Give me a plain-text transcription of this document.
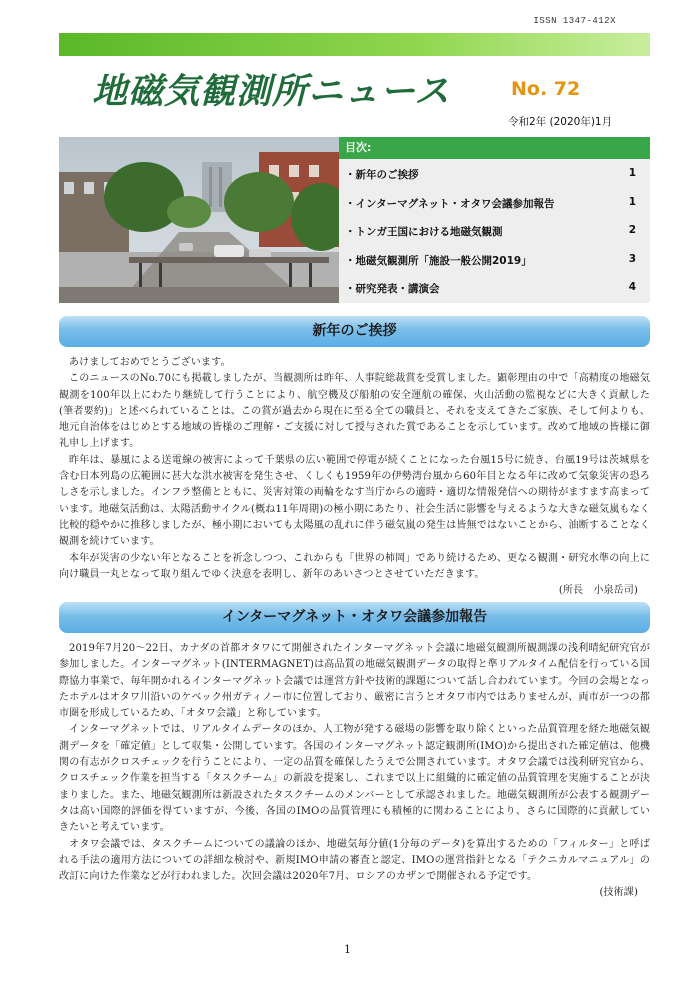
ISSN 1347-412X
地磁気観測所ニュース	No. 72
令和2年 (2020年)1月
目次:
・新年のご挨拶	1
・インターマグネット・オタワ会議参加報告	1
・トンガ王国における地磁気観測	2
・地磁気観測所「施設一般公開2019」	3
・研究発表・講演会	4
新年のご挨拶

あけましておめでとうございます。

このニュースのNo.70にも掲載しましたが、当観測所は昨年、人事院総裁賞を受賞しました。顕彰理由の中で「高精度の地磁気観測を100年以上にわたり継続して行うことにより、航空機及び船舶の安全運航の確保、火山活動の監視などに大きく貢献した(筆者要約)」と述べられていることは、この賞が過去から現在に至る全ての職員と、それを支えてきたご家族、そして何よりも、地元自治体をはじめとする地域の皆様のご理解・ご支援に対して授与された賞であることを示しています。改めて地域の皆様に御礼申し上げます。

昨年は、暴風による送電線の被害によって千葉県の広い範囲で停電が続くことになった台風15号に続き、台風19号は茨城県を含む日本列島の広範囲に甚大な洪水被害を発生させ、くしくも1959年の伊勢湾台風から60年目となる年に改めて気象災害の恐ろしさを示しました。インフラ整備とともに、災害対策の両輪をなす当庁からの適時・適切な情報発信への期待がますます高まっています。地磁気活動は、太陽活動サイクル(概ね11年周期)の極小期にあたり、社会生活に影響を与えるような大きな磁気嵐もなく比較的穏やかに推移しましたが、極小期においても太陽風の乱れに伴う磁気嵐の発生は皆無ではないことから、油断することなく観測を続けています。

本年が災害の少ない年となることを祈念しつつ、これからも「世界の柿岡」であり続けるため、更なる観測・研究水準の向上に向け職員一丸となって取り組んでゆく決意を表明し、新年のあいさつとさせていただきます。

(所長　小泉岳司)

インターマグネット・オタワ会議参加報告

2019年7月20～22日、カナダの首都オタワにて開催されたインターマグネット会議に地磁気観測所観測課の浅利晴紀研究官が参加しました。インターマグネット(INTERMAGNET)は高品質の地磁気観測データの取得と準リアルタイム配信を行っている国際協力事業で、毎年開かれるインターマグネット会議では運営方針や技術的課題について話し合われています。今回の会場となったホテルはオタワ川沿いのケベック州ガティノー市に位置しており、厳密に言うとオタワ市内ではありませんが、両市が一つの都市圏を形成しているため、「オタワ会議」と称しています。

インターマグネットでは、リアルタイムデータのほか、人工物が発する磁場の影響を取り除くといった品質管理を経た地磁気観測データを「確定値」として収集・公開しています。各国のインターマグネット認定観測所(IMO)から提出された確定値は、他機関の有志がクロスチェックを行うことにより、一定の品質を確保したうえで公開されています。オタワ会議では浅利研究官から、クロスチェック作業を担当する「タスクチーム」の新設を提案し、これまで以上に組織的に確定値の品質管理を実施することが決まりました。また、地磁気観測所は新設されたタスクチームのメンバーとして承認されました。地磁気観測所が公表する観測データは高い国際的評価を得ていますが、今後、各国のIMOの品質管理にも積極的に関わることにより、さらに国際的に貢献していきたいと考えています。

オタワ会議では、タスクチームについての議論のほか、地磁気毎分値(1分毎のデータ)を算出するための「フィルター」と呼ばれる手法の適用方法についての詳細な検討や、新規IMO申請の審査と認定、IMOの運営指針となる「テクニカルマニュアル」の改訂に向けた作業などが行われました。次回会議は2020年7月、ロシアのカザンで開催される予定です。

(技術課)

1
